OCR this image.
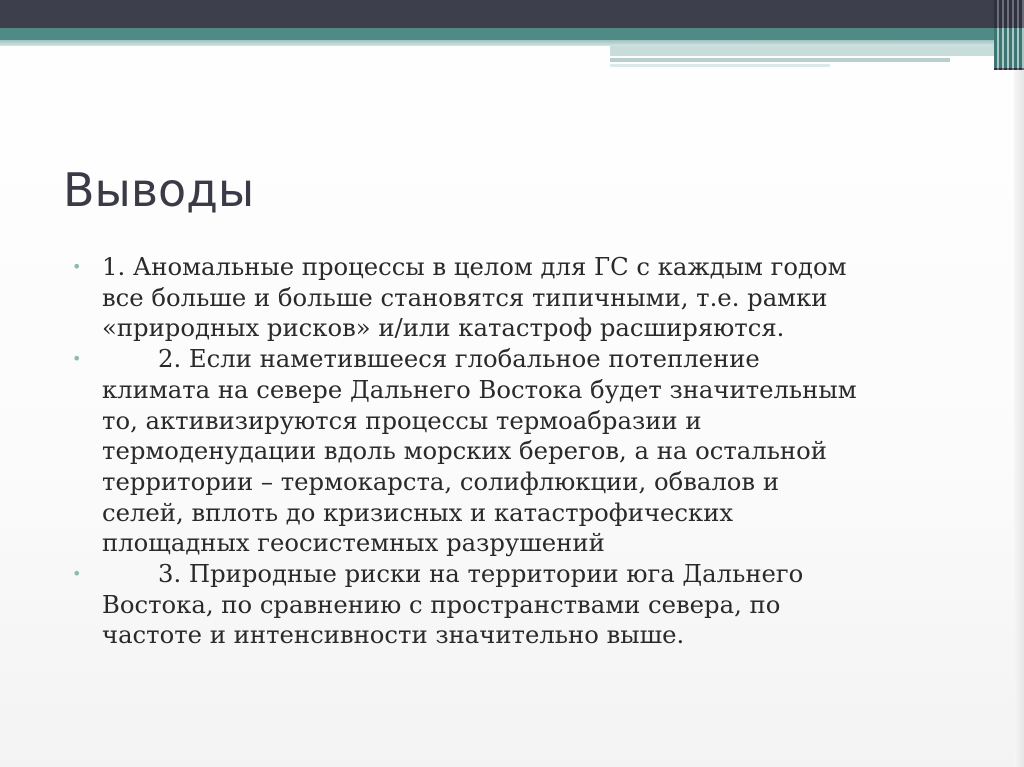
Выводы
• 1. Аномальные процессы в целом для ГС с каждым годом
все больше и больше становятся типичными, т.е. рамки
«природных рисков» и/или катастроф расширяются.
•	2. Если наметившееся глобальное потепление
климата на севере Дальнего Востока будет значительным
то, активизируются процессы термоабразии и
термоденудации вдоль морских берегов, а на остальной
территории – термокарста, солифлюкции, обвалов и
селей, вплоть до кризисных и катастрофических
площадных геосистемных разрушений
•	3. Природные риски на территории юга Дальнего
Востока, по сравнению с пространствами севера, по
частоте и интенсивности значительно выше.
